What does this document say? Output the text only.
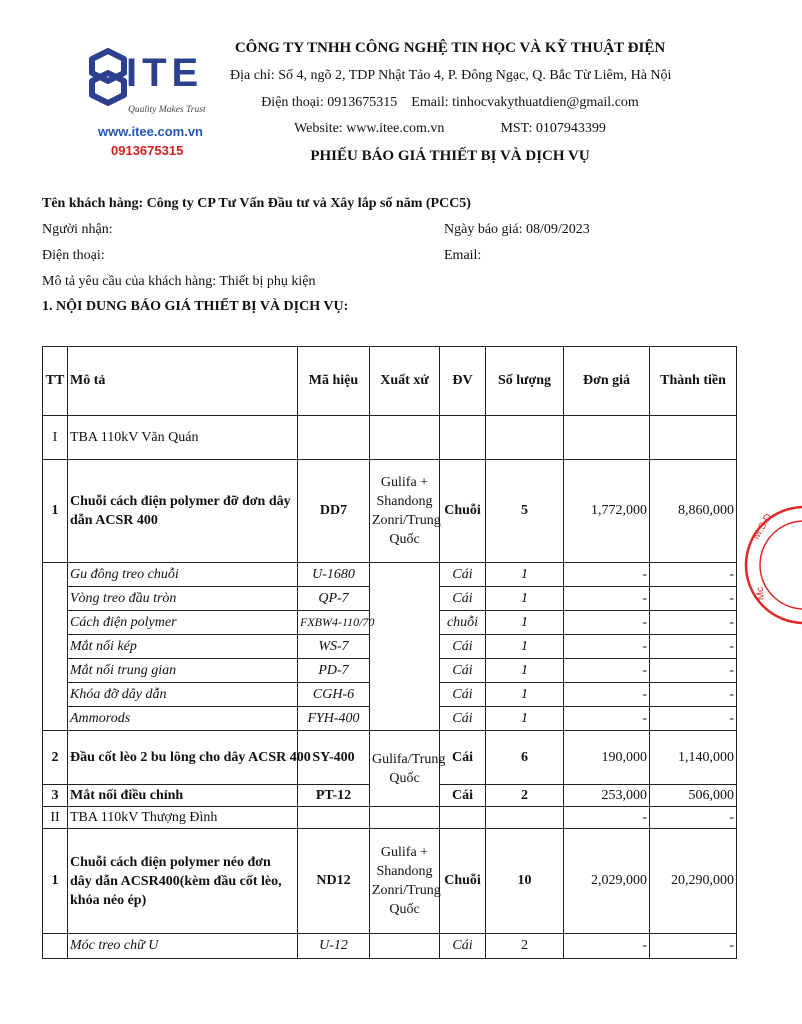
ITE
Quality Makes Trust
www.itee.com.vn
0913675315
CÔNG TY TNHH CÔNG NGHỆ TIN HỌC VÀ KỸ THUẬT ĐIỆN
Địa chỉ: Số 4, ngõ 2, TDP Nhật Tảo 4, P. Đông Ngạc, Q. Bắc Từ Liêm, Hà Nội
Điện thoại: 0913675315 Email: tinhocvakythuatdien@gmail.com
Website: www.itee.com.vn	MST: 0107943399
PHIẾU BÁO GIÁ THIẾT BỊ VÀ DỊCH VỤ
Tên khách hàng: Công ty CP Tư Vấn Đầu tư và Xây lắp số năm (PCC5)
Người nhận:	Ngày báo giá: 08/09/2023
Điện thoại:	Email:
Mô tả yêu cầu của khách hàng: Thiết bị phụ kiện
1. NỘI DUNG BÁO GIÁ THIẾT BỊ VÀ DỊCH VỤ:
M.S.D
Mc
TT	Mô tả	Mã hiệu	Xuất xứ	ĐV	Số lượng	Đơn giá	Thành tiền
I	TBA 110kV Văn Quán						
1	Chuỗi cách điện polymer đỡ đơn dây dẫn ACSR 400	DD7	Gulifa + Shandong Zonri/Trung Quốc	Chuỗi	5	1,772,000	8,860,000
	Gu đông treo chuỗi	U-1680		Cái	1	-	-
	Vòng treo đầu tròn	QP-7		Cái	1	-	-
	Cách điện polymer	FXBW4-110/70		chuỗi	1	-	-
	Mắt nối kép	WS-7		Cái	1	-	-
	Mắt nối trung gian	PD-7		Cái	1	-	-
	Khóa đỡ dây dẫn	CGH-6		Cái	1	-	-
	Ammorods	FYH-400		Cái	1	-	-
2	Đầu cốt lèo 2 bu lông cho dây ACSR 400	SY-400	Gulifa/Trung Quốc	Cái	6	190,000	1,140,000
3	Mắt nối điều chỉnh	PT-12		Cái	2	253,000	506,000
II	TBA 110kV Thượng Đình					-	-
1	Chuỗi cách điện polymer néo đơn dây dẫn ACSR400(kèm đầu cốt lèo, khóa néo ép)	ND12	Gulifa + Shandong Zonri/Trung Quốc	Chuỗi	10	2,029,000	20,290,000
	Móc treo chữ U	U-12		Cái	2	-	-
